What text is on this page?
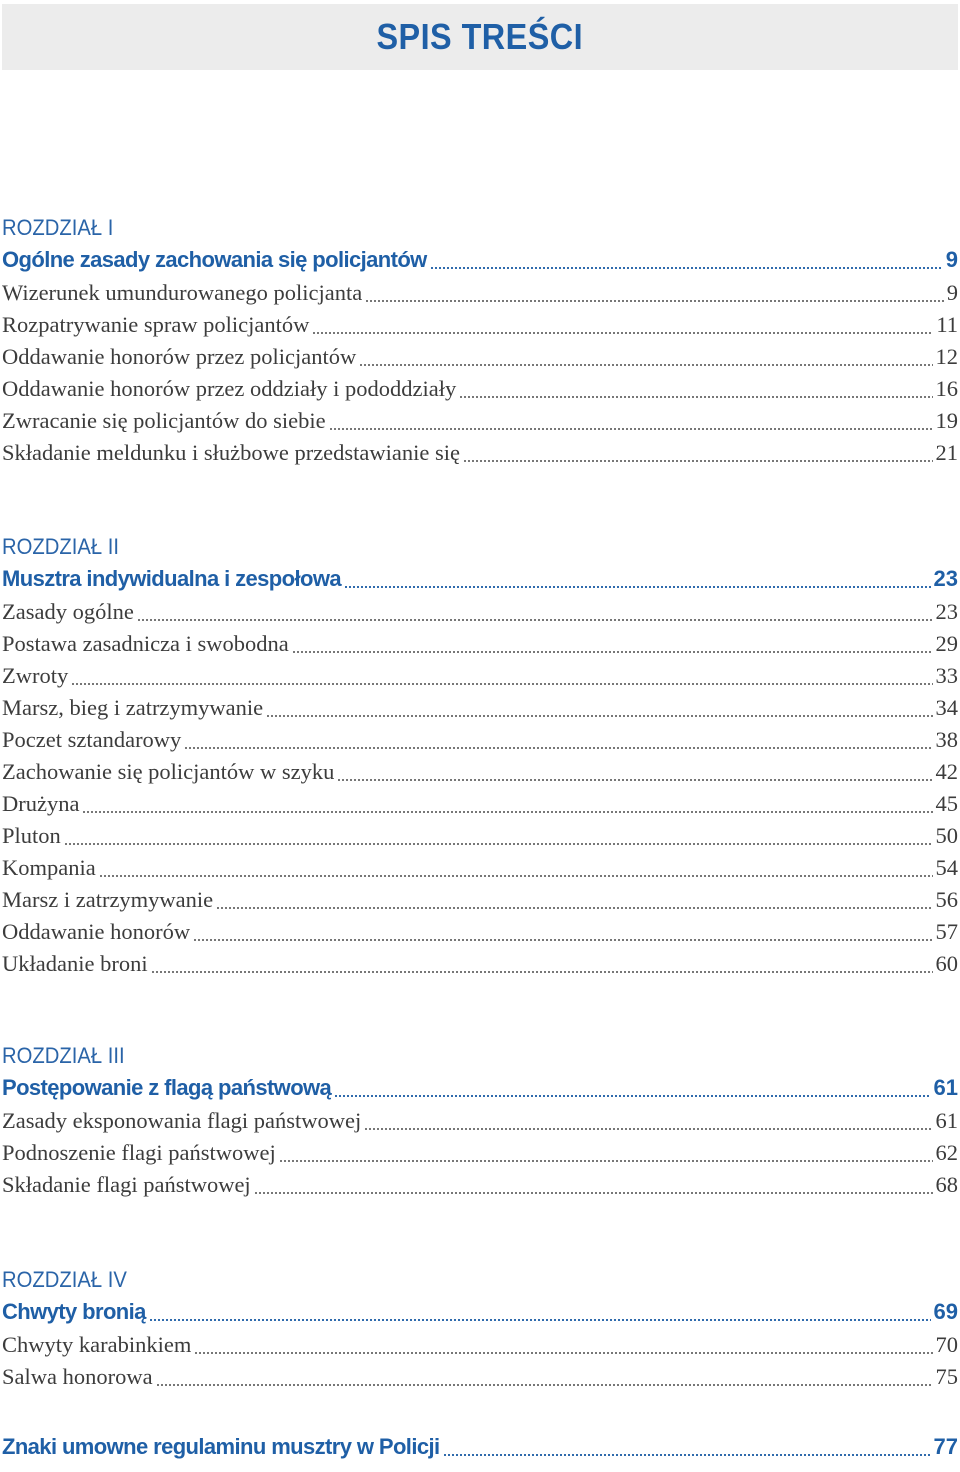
SPIS TREŚCI
ROZDZIAŁ I
Ogólne zasady zachowania się policjantów	9
Wizerunek umundurowanego policjanta	9
Rozpatrywanie spraw policjantów	11
Oddawanie honorów przez policjantów	12
Oddawanie honorów przez oddziały i pododdziały	16
Zwracanie się policjantów do siebie	19
Składanie meldunku i służbowe przedstawianie się	21
ROZDZIAŁ II
Musztra indywidualna i zespołowa	23
Zasady ogólne	23
Postawa zasadnicza i swobodna	29
Zwroty	33
Marsz, bieg i zatrzymywanie	34
Poczet sztandarowy	38
Zachowanie się policjantów w szyku	42
Drużyna	45
Pluton	50
Kompania	54
Marsz i zatrzymywanie	56
Oddawanie honorów	57
Układanie broni	60
ROZDZIAŁ III
Postępowanie z flagą państwową	61
Zasady eksponowania flagi państwowej	61
Podnoszenie flagi państwowej	62
Składanie flagi państwowej	68
ROZDZIAŁ IV
Chwyty bronią	69
Chwyty karabinkiem	70
Salwa honorowa	75
Znaki umowne regulaminu musztry w Policji	77
